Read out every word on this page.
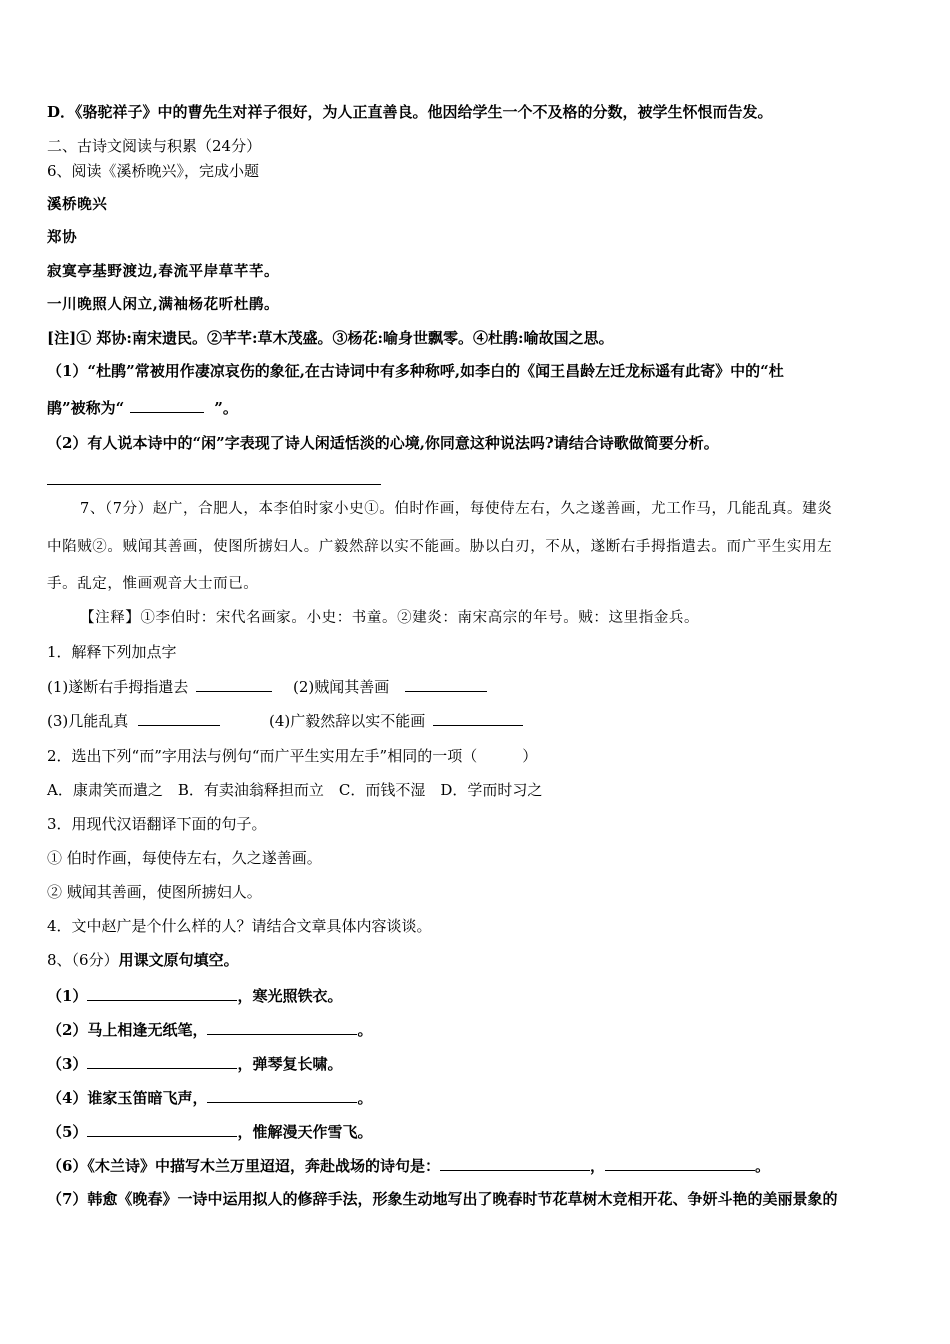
D．《骆驼祥子》中的曹先生对祥子很好，为人正直善良。他因给学生一个不及格的分数，被学生怀恨而告发。
二、古诗文阅读与积累（24分）
6、阅读《溪桥晚兴》，完成小题
溪桥晚兴
郑协
寂寞亭基野渡边,春流平岸草芊芊。
一川晚照人闲立,满袖杨花听杜鹃。
[注]① 郑协:南宋遗民。②芊芊:草木茂盛。③杨花:喻身世飘零。④杜鹃:喻故国之思。
（1）“杜鹃”常被用作凄凉哀伤的象征,在古诗词中有多种称呼,如李白的《闻王昌龄左迁龙标遥有此寄》中的“杜
鹃”被称为“	”。
（2）有人说本诗中的“闲”字表现了诗人闲适恬淡的心境,你同意这种说法吗?请结合诗歌做简要分析。
7、（7分）赵广，合肥人，本李伯时家小史①。伯时作画，每使侍左右，久之遂善画，尤工作马，几能乱真。建炎
中陷贼②。贼闻其善画，使图所掳妇人。广毅然辞以实不能画。胁以白刃，不从，遂断右手拇指遣去。而广平生实用左
手。乱定，惟画观音大士而已。
【注释】①李伯时：宋代名画家。小史：书童。②建炎：南宋高宗的年号。贼：这里指金兵。
1．解释下列加点字
(1)遂断右手拇指遣去	(2)贼闻其善画
(3)几能乱真	(4)广毅然辞以实不能画
2．选出下列“而”字用法与例句“而广平生实用左手”相同的一项（　　　）
A．康肃笑而遣之　B．有卖油翁释担而立　C．而钱不湿　D．学而时习之
3．用现代汉语翻译下面的句子。
① 伯时作画，每使侍左右，久之遂善画。
② 贼闻其善画，使图所掳妇人。
4．文中赵广是个什么样的人？请结合文章具体内容谈谈。
8、（6分）用课文原句填空。
（1）	，寒光照铁衣。
（2）马上相逢无纸笔，	。
（3）	，弹琴复长啸。
（4）谁家玉笛暗飞声，	。
（5）	，惟解漫天作雪飞。
（6）《木兰诗》中描写木兰万里迢迢，奔赴战场的诗句是：	，	。
（7）韩愈《晚春》一诗中运用拟人的修辞手法，形象生动地写出了晚春时节花草树木竞相开花、争妍斗艳的美丽景象的
